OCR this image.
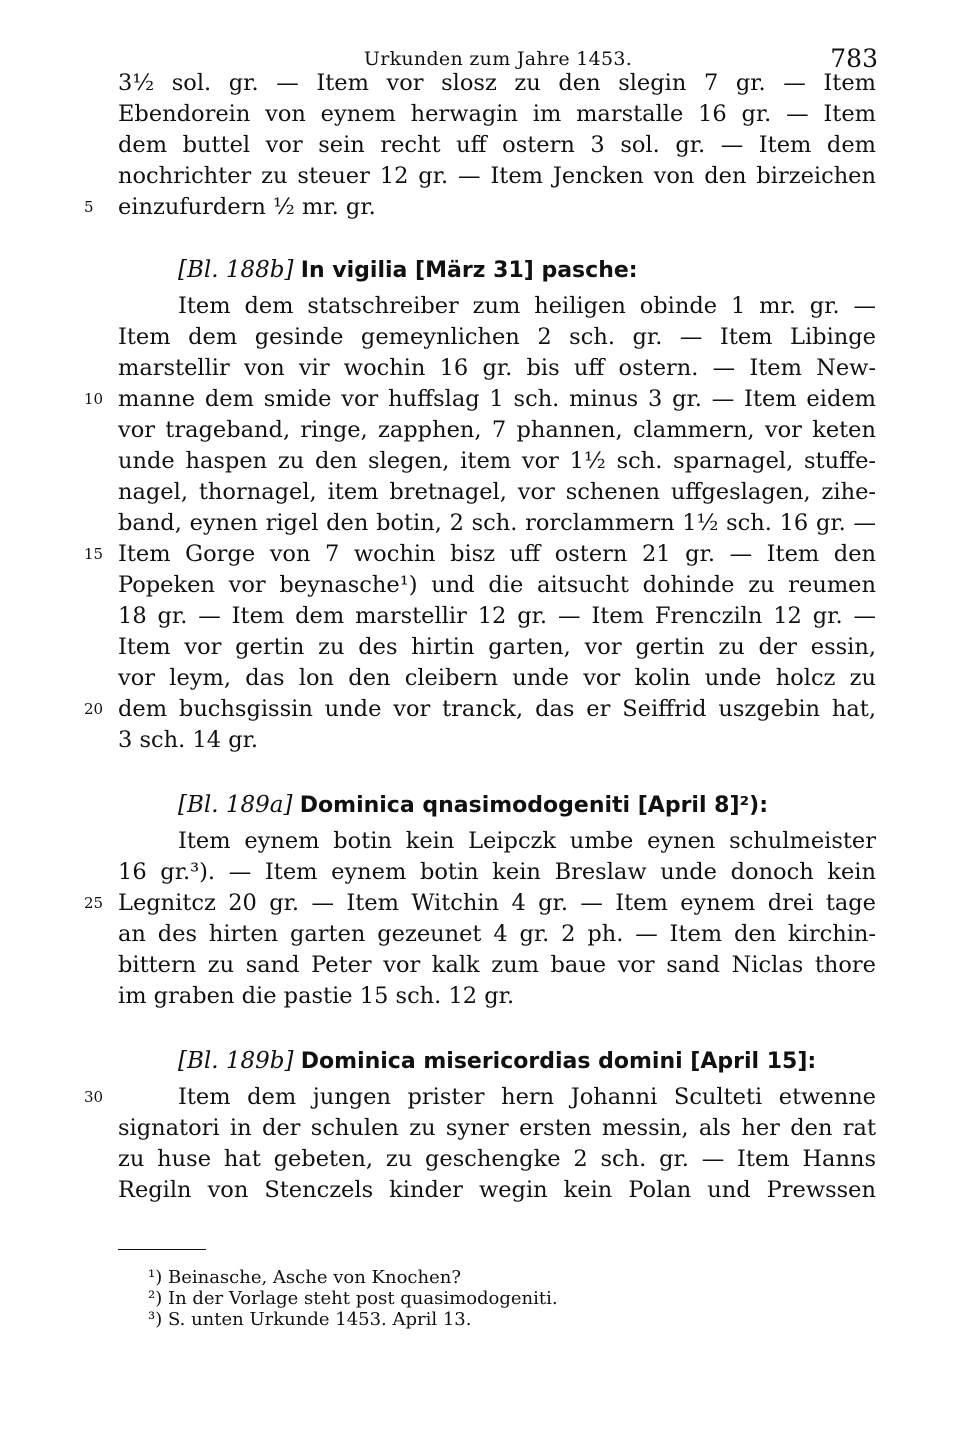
Urkunden zum Jahre 1453.	783
3½ sol. gr. — Item vor slosz zu den slegin 7 gr. — Item
Ebendorein von eynem herwagin im marstalle 16 gr. — Item
dem buttel vor sein recht uff ostern 3 sol. gr. — Item dem
nochrichter zu steuer 12 gr. — Item Jencken von den birzeichen
einzufurdern ½ mr. gr.
5
[Bl. 188b] In vigilia [März 31] pasche:
Item dem statschreiber zum heiligen obinde 1 mr. gr. —
Item dem gesinde gemeynlichen 2 sch. gr. — Item Libinge
marstellir von vir wochin 16 gr. bis uff ostern. — Item New-
manne dem smide vor huffslag 1 sch. minus 3 gr. — Item eidem
10
vor trageband, ringe, zapphen, 7 phannen, clammern, vor keten
unde haspen zu den slegen, item vor 1½ sch. sparnagel, stuffe-
nagel, thornagel, item bretnagel, vor schenen uffgeslagen, zihe-
band, eynen rigel den botin, 2 sch. rorclammern 1½ sch. 16 gr. —
Item Gorge von 7 wochin bisz uff ostern 21 gr. — Item den
15
Popeken vor beynasche¹) und die aitsucht dohinde zu reumen
18 gr. — Item dem marstellir 12 gr. — Item Frencziln 12 gr. —
Item vor gertin zu des hirtin garten, vor gertin zu der essin,
vor leym, das lon den cleibern unde vor kolin unde holcz zu
dem buchsgissin unde vor tranck, das er Seiffrid uszgebin hat,
20
3 sch. 14 gr.
[Bl. 189a] Dominica qnasimodogeniti [April 8]²):
Item eynem botin kein Leipczk umbe eynen schulmeister
16 gr.³). — Item eynem botin kein Breslaw unde donoch kein
Legnitcz 20 gr. — Item Witchin 4 gr. — Item eynem drei tage
25
an des hirten garten gezeunet 4 gr. 2 ph. — Item den kirchin-
bittern zu sand Peter vor kalk zum baue vor sand Niclas thore
im graben die pastie 15 sch. 12 gr.
[Bl. 189b] Dominica misericordias domini [April 15]:
Item dem jungen prister hern Johanni Sculteti etwenne
30
signatori in der schulen zu syner ersten messin, als her den rat
zu huse hat gebeten, zu geschengke 2 sch. gr. — Item Hanns
Regiln von Stenczels kinder wegin kein Polan und Prewssen
¹) Beinasche, Asche von Knochen?
²) In der Vorlage steht post quasimodogeniti.
³) S. unten Urkunde 1453. April 13.
